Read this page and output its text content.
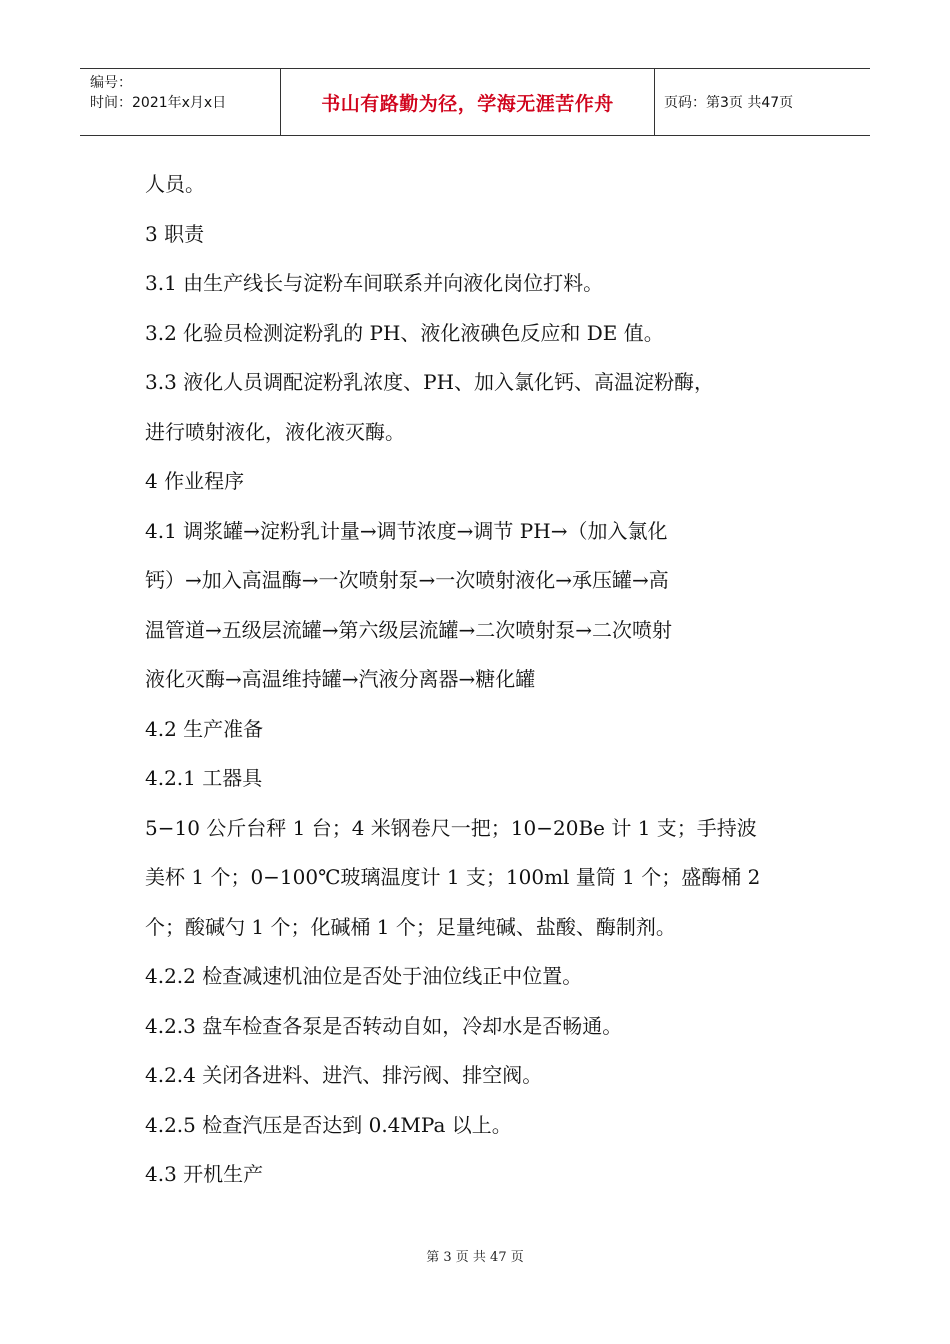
编号：
时间：2021年x月x日	书山有路勤为径，学海无涯苦作舟	页码：第3页 共47页

人员。

3 职责

3.1 由生产线长与淀粉车间联系并向液化岗位打料。

3.2 化验员检测淀粉乳的 PH、液化液碘色反应和 DE 值。

3.3 液化人员调配淀粉乳浓度、PH、加入氯化钙、高温淀粉酶，

进行喷射液化，液化液灭酶。

4 作业程序

4.1 调浆罐→淀粉乳计量→调节浓度→调节 PH→（加入氯化

钙）→加入高温酶→一次喷射泵→一次喷射液化→承压罐→高

温管道→五级层流罐→第六级层流罐→二次喷射泵→二次喷射

液化灭酶→高温维持罐→汽液分离器→糖化罐

4.2 生产准备

4.2.1 工器具

5−10 公斤台秤 1 台；4 米钢卷尺一把；10−20Be 计 1 支；手持波

美杯 1 个；0−100℃玻璃温度计 1 支；100ml 量筒 1 个；盛酶桶 2

个；酸碱勺 1 个；化碱桶 1 个；足量纯碱、盐酸、酶制剂。

4.2.2 检查减速机油位是否处于油位线正中位置。

4.2.3 盘车检查各泵是否转动自如，冷却水是否畅通。

4.2.4 关闭各进料、进汽、排污阀、排空阀。

4.2.5 检查汽压是否达到 0.4MPa 以上。

4.3 开机生产

第 3 页 共 47 页
